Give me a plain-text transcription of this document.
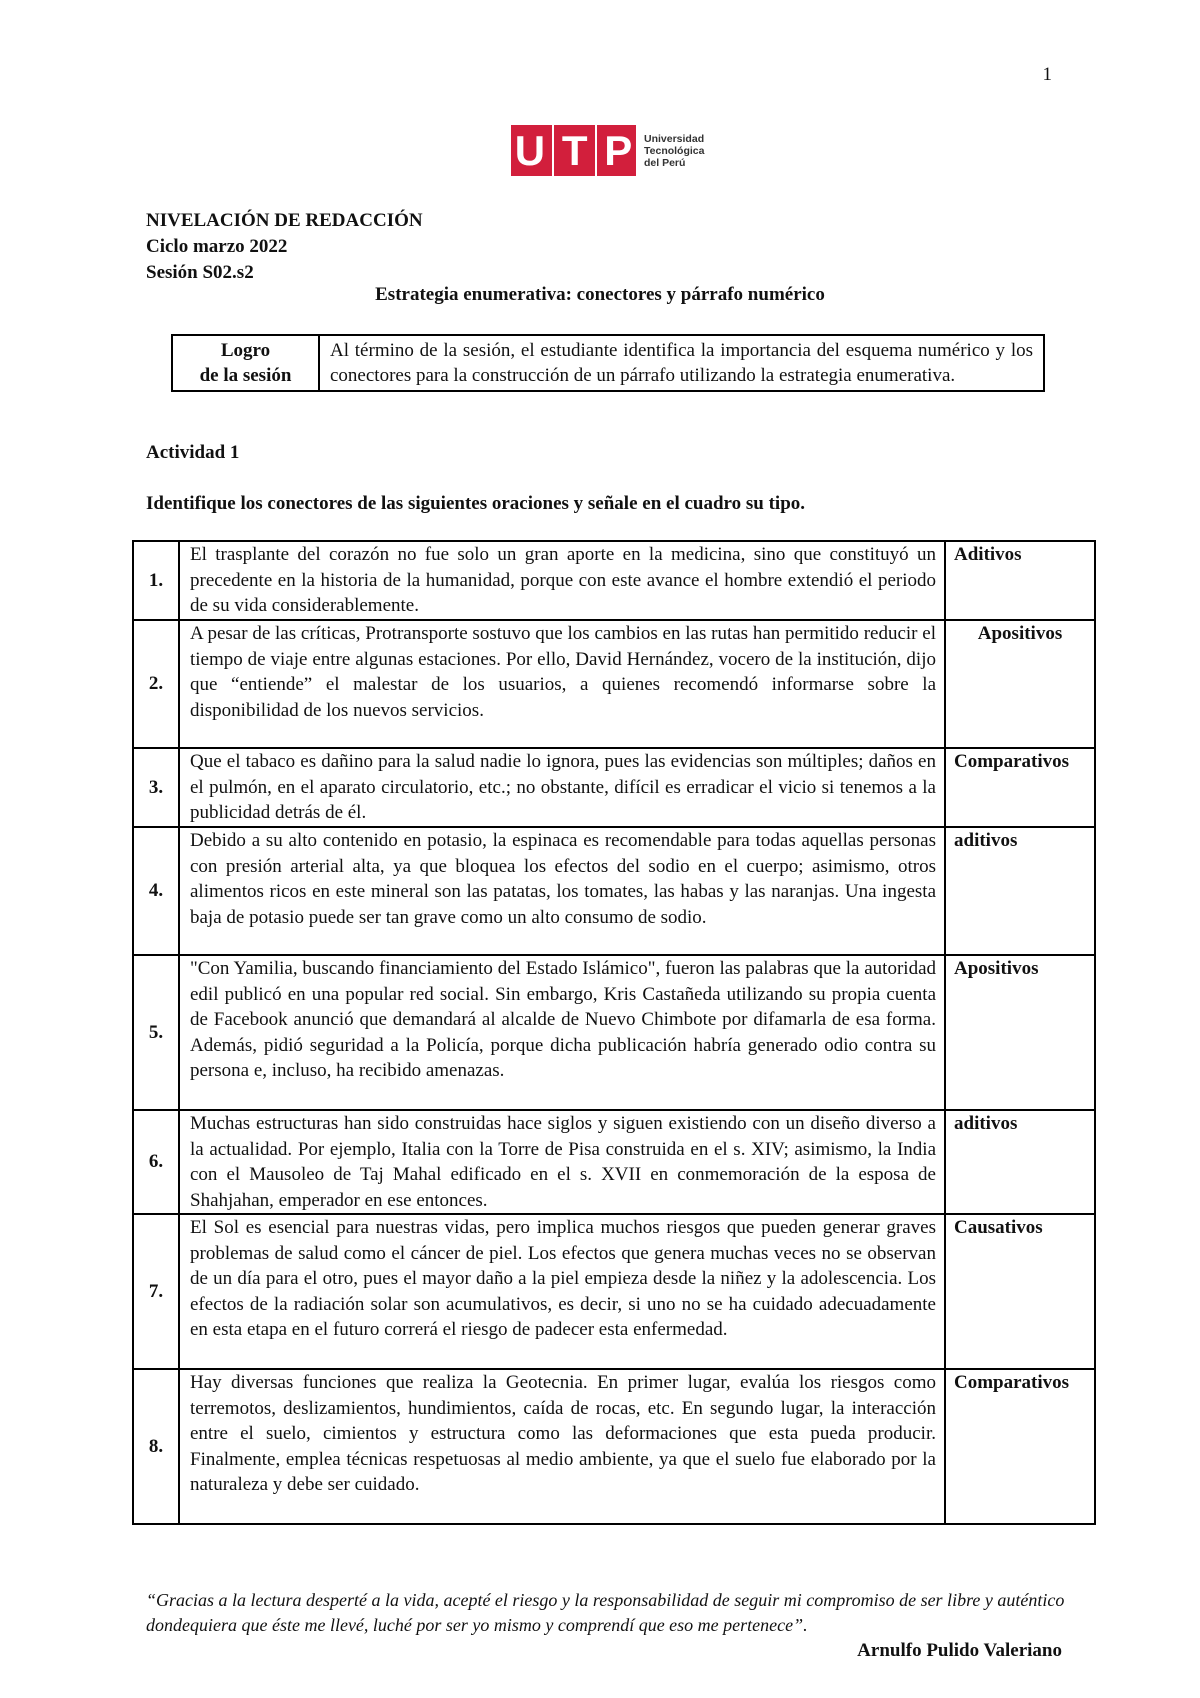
1
U T P Universidad
Tecnológica
del Perú
NIVELACIÓN DE REDACCIÓN
Ciclo marzo 2022
Sesión S02.s2
Estrategia enumerativa: conectores y párrafo numérico
Logro
de la sesión
	Al término de la sesión, el estudiante identifica la importancia del esquema numérico y los conectores para la construcción de un párrafo utilizando la estrategia enumerativa.
Actividad 1
Identifique los conectores de las siguientes oraciones y señale en el cuadro su tipo.
1.	El trasplante del corazón no fue solo un gran aporte en la medicina, sino que constituyó un precedente en la historia de la humanidad, porque con este avance el hombre extendió el periodo de su vida considerablemente.	Aditivos
2.	A pesar de las críticas, Protransporte sostuvo que los cambios en las rutas han permitido reducir el tiempo de viaje entre algunas estaciones. Por ello, David Hernández, vocero de la institución, dijo que “entiende” el malestar de los usuarios, a quienes recomendó informarse sobre la disponibilidad de los nuevos servicios.	Apositivos
3.	Que el tabaco es dañino para la salud nadie lo ignora, pues las evidencias son múltiples; daños en el pulmón, en el aparato circulatorio, etc.; no obstante, difícil es erradicar el vicio si tenemos a la publicidad detrás de él.	Comparativos
4.	Debido a su alto contenido en potasio, la espinaca es recomendable para todas aquellas personas con presión arterial alta, ya que bloquea los efectos del sodio en el cuerpo; asimismo, otros alimentos ricos en este mineral son las patatas, los tomates, las habas y las naranjas. Una ingesta baja de potasio puede ser tan grave como un alto consumo de sodio.	aditivos
5.	"Con Yamilia, buscando financiamiento del Estado Islámico", fueron las palabras que la autoridad edil publicó en una popular red social. Sin embargo, Kris Castañeda utilizando su propia cuenta de Facebook anunció que demandará al alcalde de Nuevo Chimbote por difamarla de esa forma. Además, pidió seguridad a la Policía, porque dicha publicación habría generado odio contra su persona e, incluso, ha recibido amenazas.	Apositivos
6.	Muchas estructuras han sido construidas hace siglos y siguen existiendo con un diseño diverso a la actualidad. Por ejemplo, Italia con la Torre de Pisa construida en el s. XIV; asimismo, la India con el Mausoleo de Taj Mahal edificado en el s. XVII en conmemoración de la esposa de Shahjahan, emperador en ese entonces.	aditivos
7.	El Sol es esencial para nuestras vidas, pero implica muchos riesgos que pueden generar graves problemas de salud como el cáncer de piel. Los efectos que genera muchas veces no se observan de un día para el otro, pues el mayor daño a la piel empieza desde la niñez y la adolescencia. Los efectos de la radiación solar son acumulativos, es decir, si uno no se ha cuidado adecuadamente en esta etapa en el futuro correrá el riesgo de padecer esta enfermedad.	Causativos
8.	Hay diversas funciones que realiza la Geotecnia. En primer lugar, evalúa los riesgos como terremotos, deslizamientos, hundimientos, caída de rocas, etc. En segundo lugar, la interacción entre el suelo, cimientos y estructura como las deformaciones que esta pueda producir. Finalmente, emplea técnicas respetuosas al medio ambiente, ya que el suelo fue elaborado por la naturaleza y debe ser cuidado.	Comparativos
“Gracias a la lectura desperté a la vida, acepté el riesgo y la responsabilidad de seguir mi compromiso de ser libre y auténtico dondequiera que éste me llevé, luché por ser yo mismo y comprendí que eso me pertenece”.
Arnulfo Pulido Valeriano
